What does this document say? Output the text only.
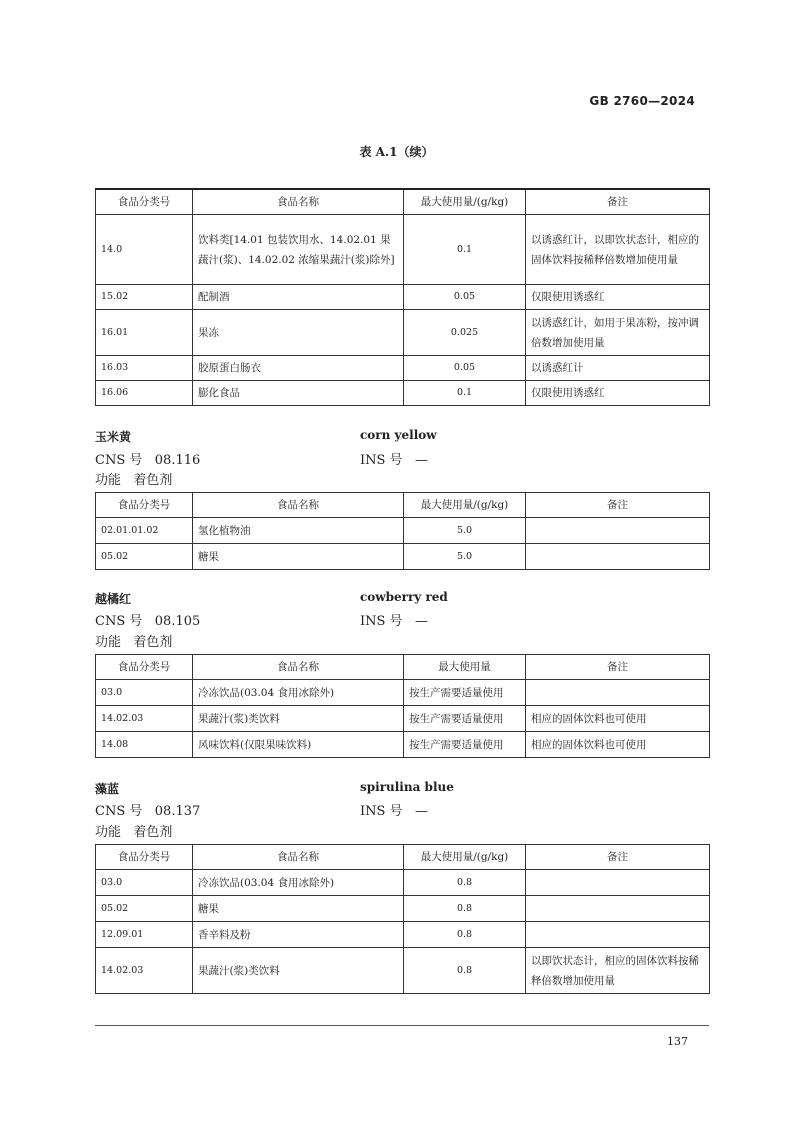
GB 2760—2024
表 A.1（续）
食品分类号	食品名称	最大使用量/(g/kg)	备注
14.0	饮料类[14.01 包装饮用水、14.02.01 果蔬汁(浆)、14.02.02 浓缩果蔬汁(浆)除外]	0.1	以诱惑红计，以即饮状态计，相应的固体饮料按稀释倍数增加使用量
15.02	配制酒	0.05	仅限使用诱惑红
16.01	果冻	0.025	以诱惑红计，如用于果冻粉，按冲调倍数增加使用量
16.03	胶原蛋白肠衣	0.05	以诱惑红计
16.06	膨化食品	0.1	仅限使用诱惑红
玉米黄	corn yellow
CNS 号 08.116	INS 号 —
功能 着色剂
食品分类号	食品名称	最大使用量/(g/kg)	备注
02.01.01.02	氢化植物油	5.0	
05.02	糖果	5.0	
越橘红	cowberry red
CNS 号 08.105	INS 号 —
功能 着色剂
食品分类号	食品名称	最大使用量	备注
03.0	冷冻饮品(03.04 食用冰除外)	按生产需要适量使用	
14.02.03	果蔬汁(浆)类饮料	按生产需要适量使用	相应的固体饮料也可使用
14.08	风味饮料(仅限果味饮料)	按生产需要适量使用	相应的固体饮料也可使用
藻蓝	spirulina blue
CNS 号 08.137	INS 号 —
功能 着色剂
食品分类号	食品名称	最大使用量/(g/kg)	备注
03.0	冷冻饮品(03.04 食用冰除外)	0.8	
05.02	糖果	0.8	
12.09.01	香辛料及粉	0.8	
14.02.03	果蔬汁(浆)类饮料	0.8	以即饮状态计，相应的固体饮料按稀释倍数增加使用量
137
